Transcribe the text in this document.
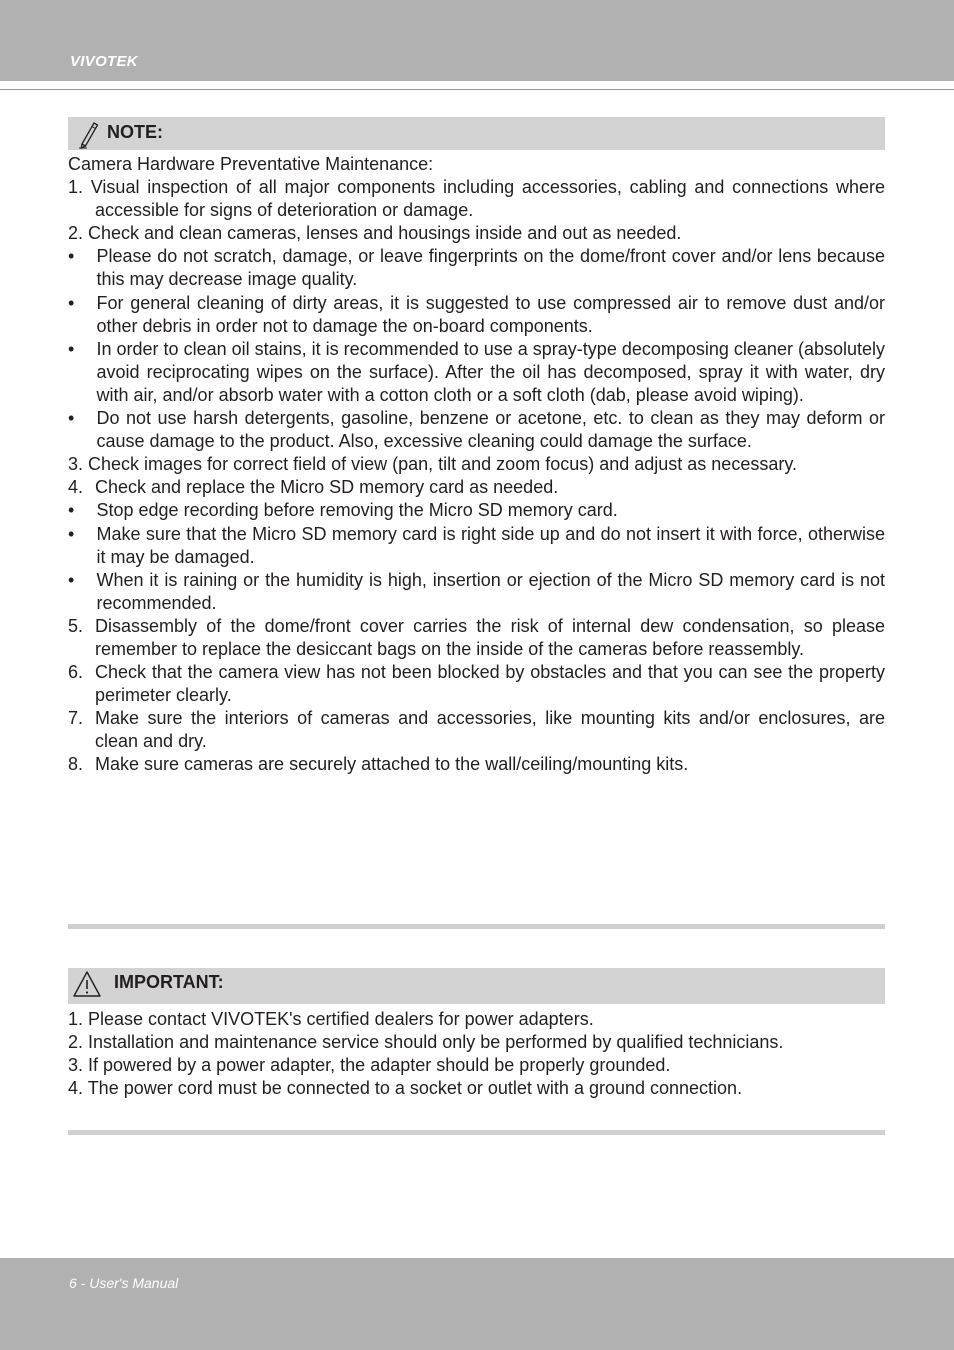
VIVOTEK
NOTE:
Camera Hardware Preventative Maintenance:
1. Visual inspection of all major components including accessories, cabling and connections where accessible for signs of deterioration or damage.
2. Check and clean cameras, lenses and housings inside and out as needed.
• Please do not scratch, damage, or leave fingerprints on the dome/front cover and/or lens because this may decrease image quality.
• For general cleaning of dirty areas, it is suggested to use compressed air to remove dust and/or other debris in order not to damage the on-board components.
• In order to clean oil stains, it is recommended to use a spray-type decomposing cleaner (absolutely avoid reciprocating wipes on the surface). After the oil has decomposed, spray it with water, dry with air, and/or absorb water with a cotton cloth or a soft cloth (dab, please avoid wiping).
• Do not use harsh detergents, gasoline, benzene or acetone, etc. to clean as they may deform or cause damage to the product. Also, excessive cleaning could damage the surface.
3. Check images for correct field of view (pan, tilt and zoom focus) and adjust as necessary.
4. Check and replace the Micro SD memory card as needed.
• Stop edge recording before removing the Micro SD memory card.
• Make sure that the Micro SD memory card is right side up and do not insert it with force, otherwise it may be damaged.
• When it is raining or the humidity is high, insertion or ejection of the Micro SD memory card is not recommended.
5. Disassembly of the dome/front cover carries the risk of internal dew condensation, so please remember to replace the desiccant bags on the inside of the cameras before reassembly.
6. Check that the camera view has not been blocked by obstacles and that you can see the property perimeter clearly.
7. Make sure the interiors of cameras and accessories, like mounting kits and/or enclosures, are clean and dry.
8. Make sure cameras are securely attached to the wall/ceiling/mounting kits.
IMPORTANT:
1. Please contact VIVOTEK's certified dealers for power adapters.
2. Installation and maintenance service should only be performed by qualified technicians.
3. If powered by a power adapter, the adapter should be properly grounded.
4. The power cord must be connected to a socket or outlet with a ground connection.
6 - User's Manual
